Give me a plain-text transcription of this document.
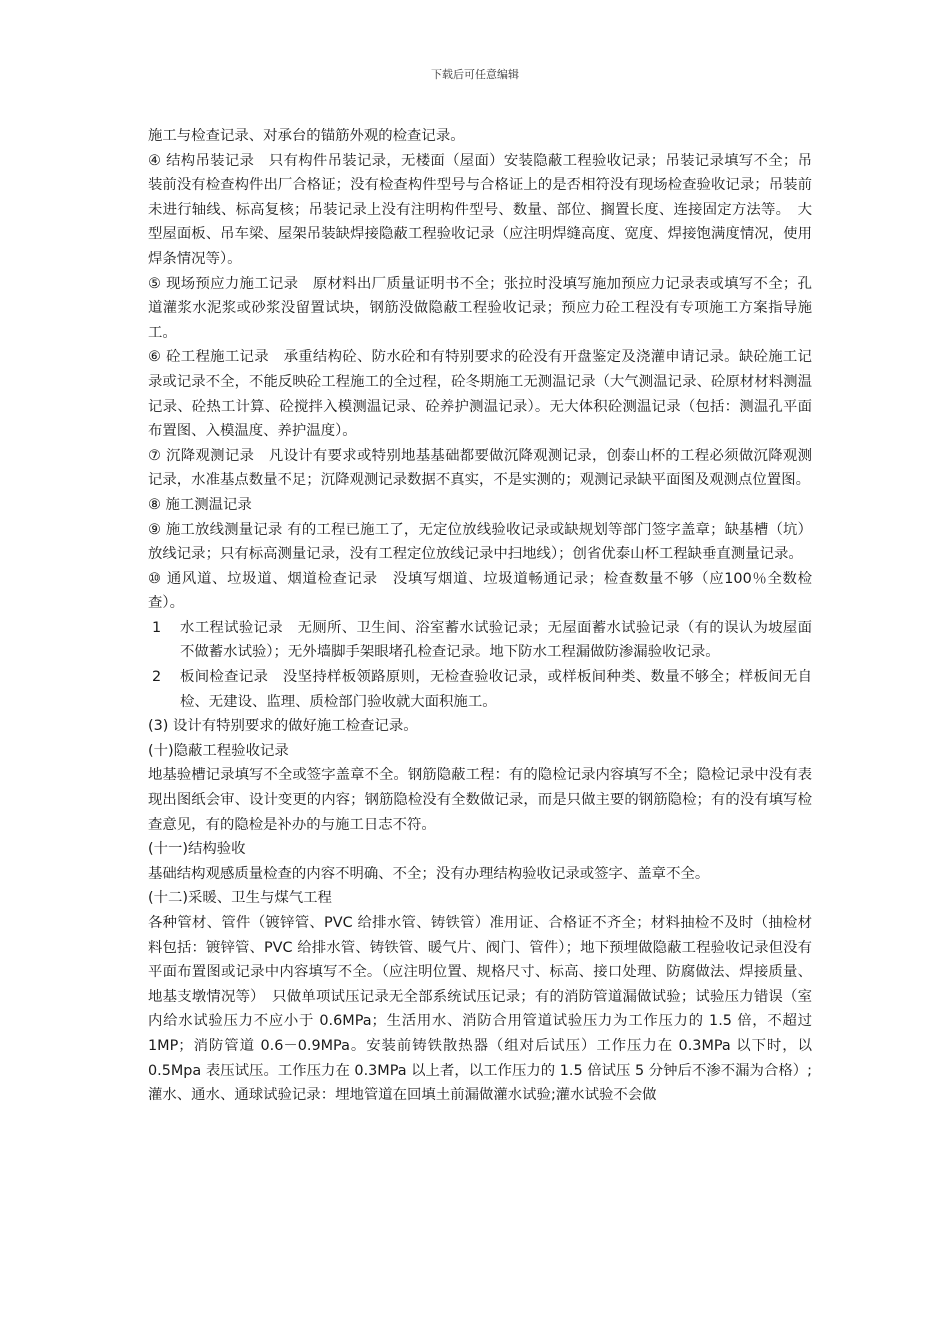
下载后可任意编辑

施工与检查记录、对承台的锚筋外观的检查记录。

④ 结构吊装记录　只有构件吊装记录，无楼面（屋面）安装隐蔽工程验收记录；吊装记录填写不全；吊装前没有检查构件出厂合格证；没有检查构件型号与合格证上的是否相符没有现场检查验收记录；吊装前未进行轴线、标高复核；吊装记录上没有注明构件型号、数量、部位、搁置长度、连接固定方法等。　大型屋面板、吊车梁、屋架吊装缺焊接隐蔽工程验收记录（应注明焊缝高度、宽度、焊接饱满度情况，使用焊条情况等）。

⑤ 现场预应力施工记录　原材料出厂质量证明书不全；张拉时没填写施加预应力记录表或填写不全；孔道灌浆水泥浆或砂浆没留置试块，钢筋没做隐蔽工程验收记录；预应力砼工程没有专项施工方案指导施工。

⑥ 砼工程施工记录　承重结构砼、防水砼和有特别要求的砼没有开盘鉴定及浇灌申请记录。缺砼施工记录或记录不全，不能反映砼工程施工的全过程，砼冬期施工无测温记录（大气测温记录、砼原材材料测温记录、砼热工计算、砼搅拌入模测温记录、砼养护测温记录）。无大体积砼测温记录（包括：测温孔平面布置图、入模温度、养护温度）。

⑦ 沉降观测记录　凡设计有要求或特别地基基础都要做沉降观测记录，创泰山杯的工程必须做沉降观测记录，水准基点数量不足；沉降观测记录数据不真实，不是实测的；观测记录缺平面图及观测点位置图。

⑧ 施工测温记录

⑨ 施工放线测量记录 有的工程已施工了，无定位放线验收记录或缺规划等部门签字盖章；缺基槽（坑）放线记录；只有标高测量记录，没有工程定位放线记录中扫地线）；创省优泰山杯工程缺垂直测量记录。

⑩ 通风道、垃圾道、烟道检查记录　没填写烟道、垃圾道畅通记录；检查数量不够（应100％全数检查）。

1	水工程试验记录　无厕所、卫生间、浴室蓄水试验记录；无屋面蓄水试验记录（有的误认为坡屋面不做蓄水试验）；无外墙脚手架眼堵孔检查记录。地下防水工程漏做防渗漏验收记录。
2	板间检查记录　没坚持样板领路原则，无检查验收记录，或样板间种类、数量不够全；样板间无自检、无建设、监理、质检部门验收就大面积施工。

(3) 设计有特别要求的做好施工检查记录。

(十)隐蔽工程验收记录

地基验槽记录填写不全或签字盖章不全。钢筋隐蔽工程：有的隐检记录内容填写不全；隐检记录中没有表现出图纸会审、设计变更的内容；钢筋隐检没有全数做记录，而是只做主要的钢筋隐检；有的没有填写检查意见，有的隐检是补办的与施工日志不符。

(十一)结构验收

基础结构观感质量检查的内容不明确、不全；没有办理结构验收记录或签字、盖章不全。

(十二)采暖、卫生与煤气工程

各种管材、管件（镀锌管、PVC 给排水管、铸铁管）准用证、合格证不齐全；材料抽检不及时（抽检材料包括：镀锌管、PVC 给排水管、铸铁管、暖气片、阀门、管件）；地下预埋做隐蔽工程验收记录但没有平面布置图或记录中内容填写不全。（应注明位置、规格尺寸、标高、接口处理、防腐做法、焊接质量、地基支墩情况等）　只做单项试压记录无全部系统试压记录；有的消防管道漏做试验；试验压力错误（室内给水试验压力不应小于 0.6MPa；生活用水、消防合用管道试验压力为工作压力的 1.5 倍，不超过 1MP；消防管道 0.6－0.9MPa。安装前铸铁散热器（组对后试压）工作压力在 0.3MPa 以下时，以 0.5Mpa 表压试压。工作压力在 0.3MPa 以上者，以工作压力的 1.5 倍试压 5 分钟后不渗不漏为合格）;灌水、通水、通球试验记录：埋地管道在回填土前漏做灌水试验;灌水试验不会做
